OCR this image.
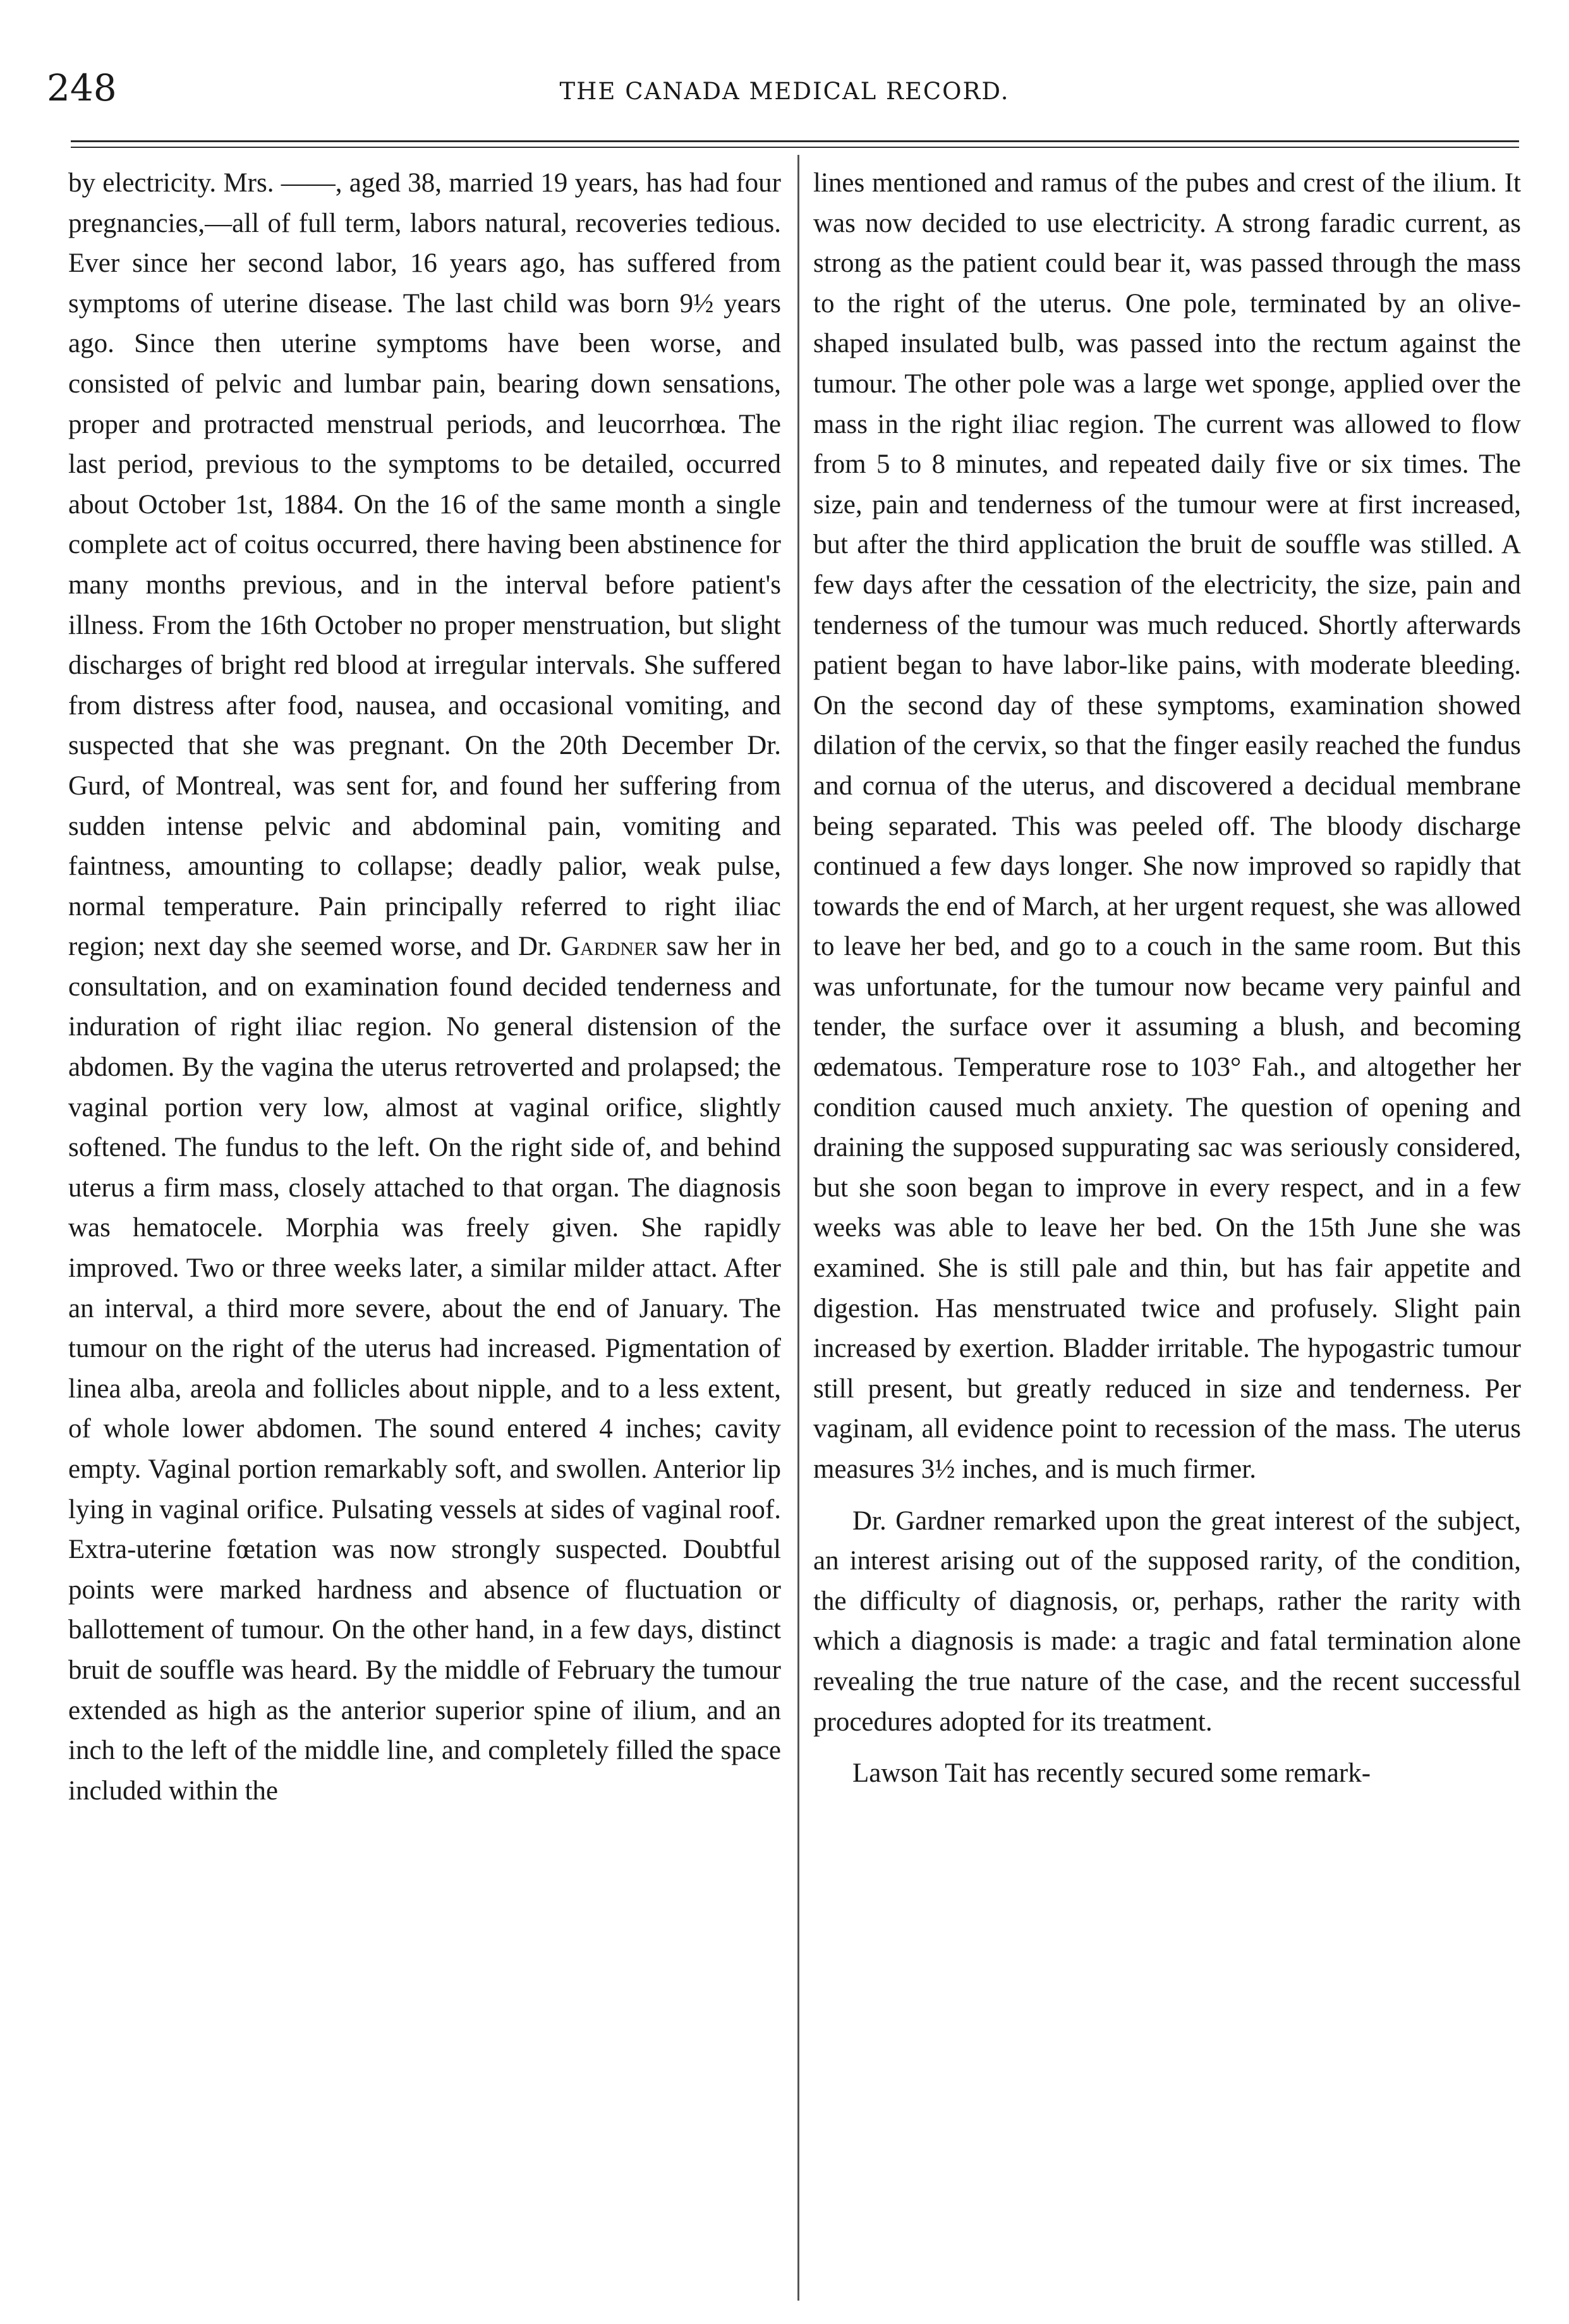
248	THE CANADA MEDICAL RECORD.

by electricity. Mrs. ——, aged 38, married 19 years, has had four pregnancies,—all of full term, labors natural, recoveries tedious. Ever since her second labor, 16 years ago, has suffered from symptoms of uterine disease. The last child was born 9½ years ago. Since then uterine symptoms have been worse, and consisted of pelvic and lumbar pain, bearing down sensations, proper and protracted menstrual periods, and leucorrhœa. The last period, previous to the symptoms to be detailed, occurred about October 1st, 1884. On the 16 of the same month a single complete act of coitus occurred, there having been abstinence for many months previous, and in the interval before patient's illness. From the 16th October no proper menstruation, but slight discharges of bright red blood at irregular intervals. She suffered from distress after food, nausea, and occasional vomiting, and suspected that she was pregnant. On the 20th December Dr. Gurd, of Montreal, was sent for, and found her suffering from sudden intense pelvic and abdominal pain, vomiting and faintness, amounting to collapse; deadly palior, weak pulse, normal temperature. Pain principally referred to right iliac region; next day she seemed worse, and Dr. Gardner saw her in consultation, and on examination found decided tenderness and induration of right iliac region. No general distension of the abdomen. By the vagina the uterus retroverted and prolapsed; the vaginal portion very low, almost at vaginal orifice, slightly softened. The fundus to the left. On the right side of, and behind uterus a firm mass, closely attached to that organ. The diagnosis was hematocele. Morphia was freely given. She rapidly improved. Two or three weeks later, a similar milder attact. After an interval, a third more severe, about the end of January. The tumour on the right of the uterus had increased. Pigmentation of linea alba, areola and follicles about nipple, and to a less extent, of whole lower abdomen. The sound entered 4 inches; cavity empty. Vaginal portion remarkably soft, and swollen. Anterior lip lying in vaginal orifice. Pulsating vessels at sides of vaginal roof. Extra-uterine fœtation was now strongly suspected. Doubtful points were marked hardness and absence of fluctuation or ballottement of tumour. On the other hand, in a few days, distinct bruit de souffle was heard. By the middle of February the tumour extended as high as the anterior superior spine of ilium, and an inch to the left of the middle line, and completely filled the space included within the

lines mentioned and ramus of the pubes and crest of the ilium. It was now decided to use electricity. A strong faradic current, as strong as the patient could bear it, was passed through the mass to the right of the uterus. One pole, terminated by an olive-shaped insulated bulb, was passed into the rectum against the tumour. The other pole was a large wet sponge, applied over the mass in the right iliac region. The current was allowed to flow from 5 to 8 minutes, and repeated daily five or six times. The size, pain and tenderness of the tumour were at first increased, but after the third application the bruit de souffle was stilled. A few days after the cessation of the electricity, the size, pain and tenderness of the tumour was much reduced. Shortly afterwards patient began to have labor-like pains, with moderate bleeding. On the second day of these symptoms, examination showed dilation of the cervix, so that the finger easily reached the fundus and cornua of the uterus, and discovered a decidual membrane being separated. This was peeled off. The bloody discharge continued a few days longer. She now improved so rapidly that towards the end of March, at her urgent request, she was allowed to leave her bed, and go to a couch in the same room. But this was unfortunate, for the tumour now became very painful and tender, the surface over it assuming a blush, and becoming œdematous. Temperature rose to 103° Fah., and altogether her condition caused much anxiety. The question of opening and draining the supposed suppurating sac was seriously considered, but she soon began to improve in every respect, and in a few weeks was able to leave her bed. On the 15th June she was examined. She is still pale and thin, but has fair appetite and digestion. Has menstruated twice and profusely. Slight pain increased by exertion. Bladder irritable. The hypogastric tumour still present, but greatly reduced in size and tenderness. Per vaginam, all evidence point to recession of the mass. The uterus measures 3½ inches, and is much firmer.

Dr. Gardner remarked upon the great interest of the subject, an interest arising out of the supposed rarity, of the condition, the difficulty of diagnosis, or, perhaps, rather the rarity with which a diagnosis is made: a tragic and fatal termination alone revealing the true nature of the case, and the recent successful procedures adopted for its treatment.

Lawson Tait has recently secured some remark-
